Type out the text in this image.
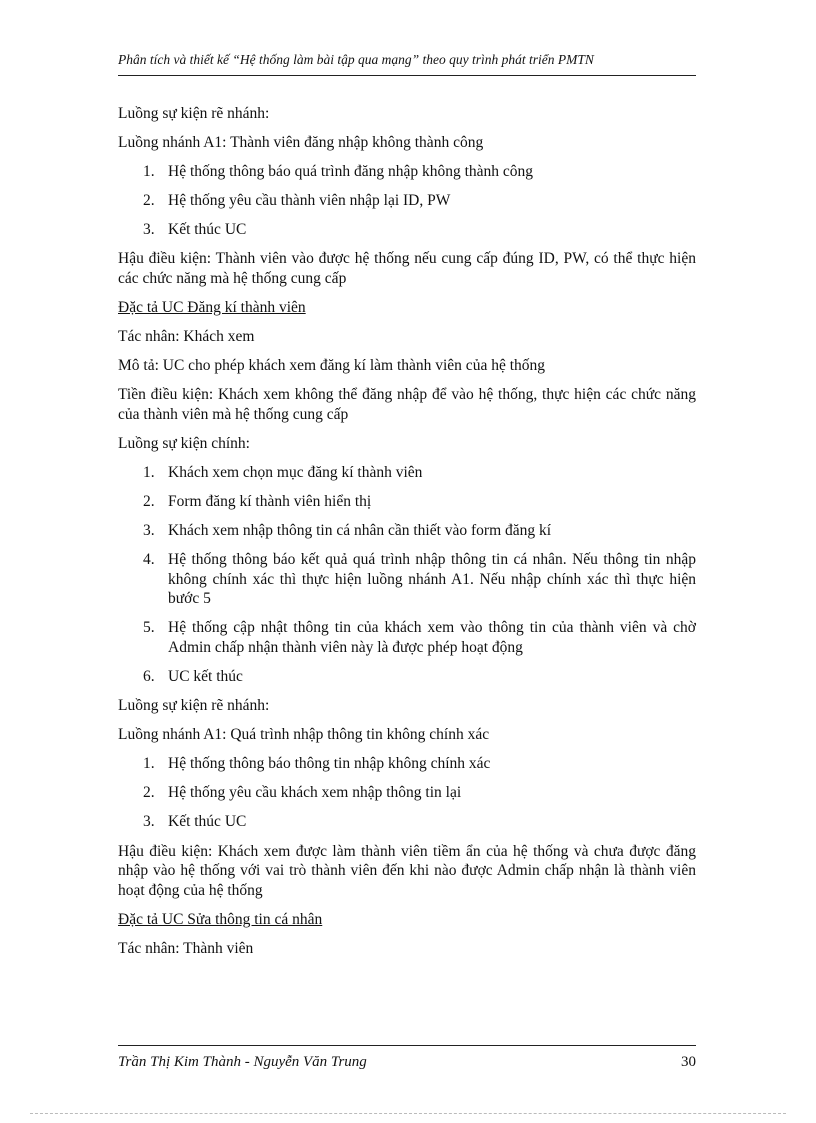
Phân tích và thiết kế “Hệ thống làm bài tập qua mạng” theo quy trình phát triển PMTN

Luồng sự kiện rẽ nhánh:

Luồng nhánh A1: Thành viên đăng nhập không thành công

1. Hệ thống thông báo quá trình đăng nhập không thành công
2. Hệ thống yêu cầu thành viên nhập lại ID, PW
3. Kết thúc UC

Hậu điều kiện: Thành viên vào được hệ thống nếu cung cấp đúng ID, PW, có thể thực hiện các chức năng mà hệ thống cung cấp

Đặc tả UC Đăng kí thành viên

Tác nhân: Khách xem

Mô tả: UC cho phép khách xem đăng kí làm thành viên của hệ thống

Tiền điều kiện: Khách xem không thể đăng nhập để vào hệ thống, thực hiện các chức năng của thành viên mà hệ thống cung cấp

Luồng sự kiện chính:

1. Khách xem chọn mục đăng kí thành viên
2. Form đăng kí thành viên hiển thị
3. Khách xem nhập thông tin cá nhân cần thiết vào form đăng kí
4. Hệ thống thông báo kết quả quá trình nhập thông tin cá nhân. Nếu thông tin nhập không chính xác thì thực hiện luồng nhánh A1. Nếu nhập chính xác thì thực hiện bước 5
5. Hệ thống cập nhật thông tin của khách xem vào thông tin của thành viên và chờ Admin chấp nhận thành viên này là được phép hoạt động
6. UC kết thúc

Luồng sự kiện rẽ nhánh:

Luồng nhánh A1: Quá trình nhập thông tin không chính xác

1. Hệ thống thông báo thông tin nhập không chính xác
2. Hệ thống yêu cầu khách xem nhập thông tin lại
3. Kết thúc UC

Hậu điều kiện: Khách xem được làm thành viên tiềm ẩn của hệ thống và chưa được đăng nhập vào hệ thống với vai trò thành viên đến khi nào được Admin chấp nhận là thành viên hoạt động của hệ thống

Đặc tả UC Sửa thông tin cá nhân

Tác nhân: Thành viên

Trần Thị Kim Thành - Nguyễn Văn Trung	30
